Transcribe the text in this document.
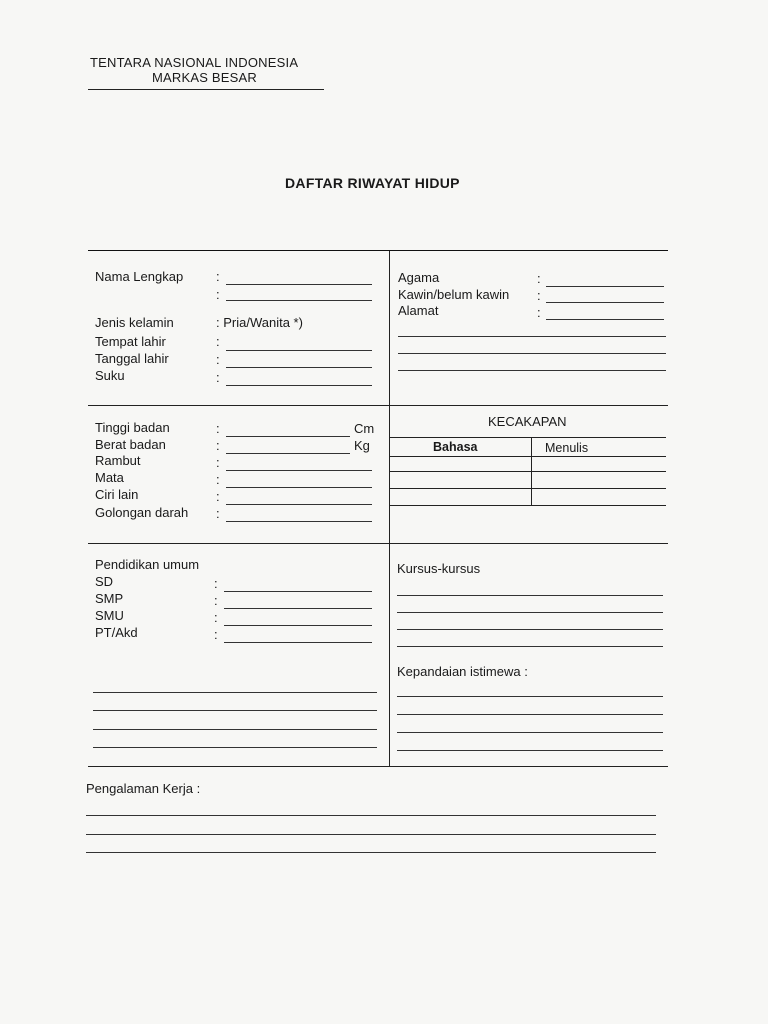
TENTARA NASIONAL INDONESIA
MARKAS BESAR
DAFTAR RIWAYAT HIDUP
Nama Lengkap	:
:
Jenis kelamin	: Pria/Wanita *)
Tempat lahir	:
Tanggal lahir	:
Suku	:
Agama	:
Kawin/belum kawin :
Alamat	:
Tinggi badan	:	Cm
Berat badan	:	Kg
Rambut	:
Mata	:
Ciri lain	:
Golongan darah :
KECAKAPAN
Bahasa	Menulis
Pendidikan umum
SD	:
SMP	:
SMU	:
PT/Akd	:
Kursus-kursus
Kepandaian istimewa :
Pengalaman Kerja :
